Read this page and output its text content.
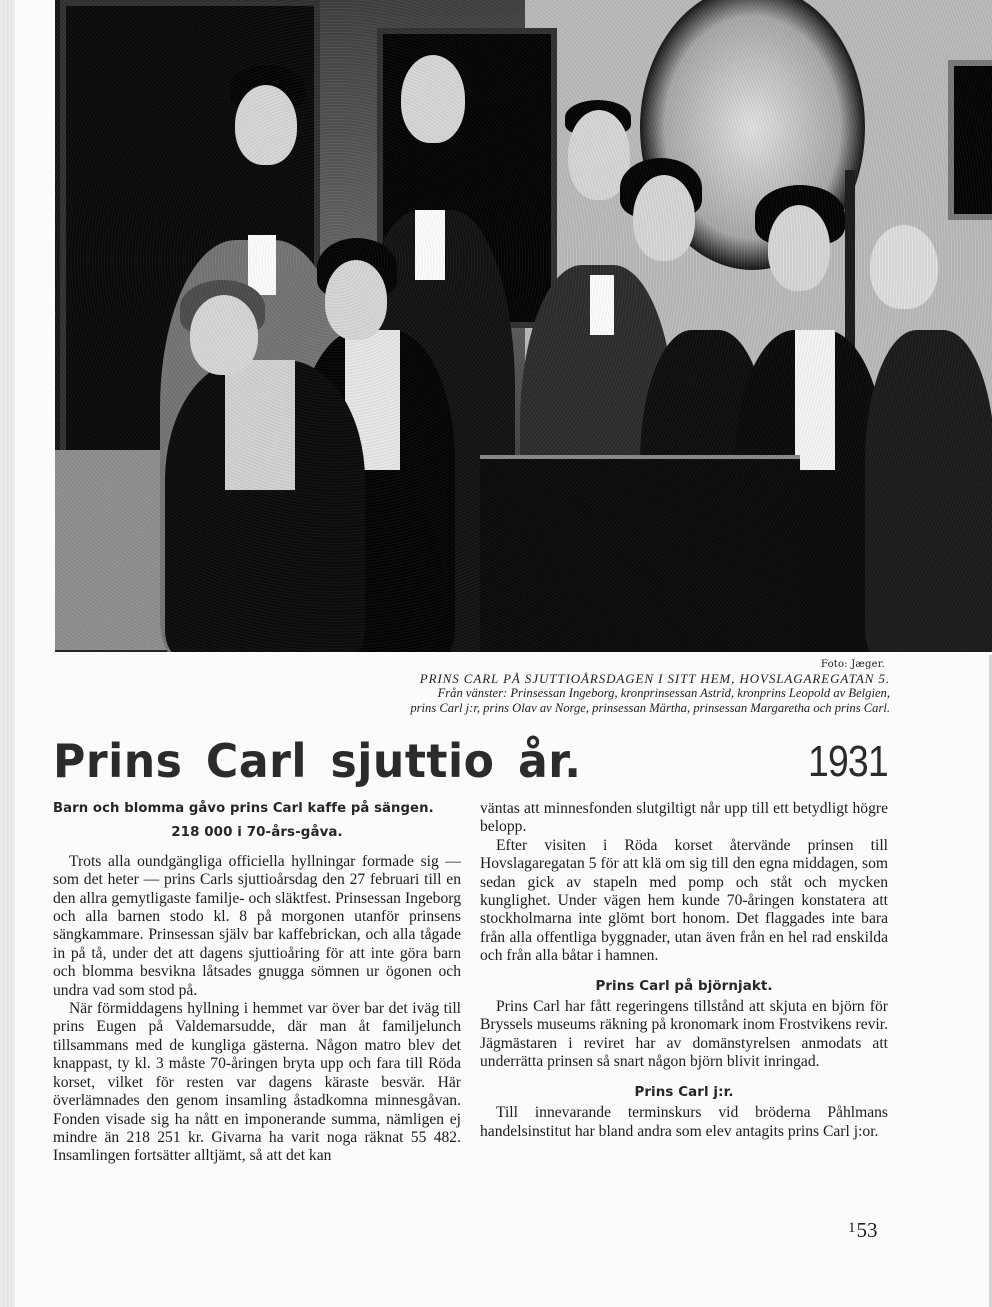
Foto: Jæger.
PRINS CARL PÅ SJUTTIOÅRSDAGEN I SITT HEM, HOVSLAGAREGATAN 5.
Från vänster: Prinsessan Ingeborg, kronprinsessan Astrid, kronprins Leopold av Belgien,
prins Carl j:r, prins Olav av Norge, prinsessan Märtha, prinsessan Margaretha och prins Carl.
Prins Carl sjuttio år.	1931
Barn och blomma gåvo prins Carl kaffe på sängen.
218 000 i 70-års-gåva.

Trots alla oundgängliga officiella hyllningar formade sig — som det heter — prins Carls sjuttioårsdag den 27 februari till en den allra gemytligaste familje- och släktfest. Prinsessan Ingeborg och alla barnen stodo kl. 8 på morgonen utanför prinsens sängkammare. Prinsessan själv bar kaffebrickan, och alla tågade in på tå, under det att dagens sjuttioåring för att inte göra barn och blomma besvikna låtsades gnugga sömnen ur ögonen och undra vad som stod på.

När förmiddagens hyllning i hemmet var över bar det iväg till prins Eugen på Valdemarsudde, där man åt familjelunch tillsammans med de kungliga gästerna. Någon matro blev det knappast, ty kl. 3 måste 70-åringen bryta upp och fara till Röda korset, vilket för resten var dagens käraste besvär. Här överlämnades den genom insamling åstadkomna minnesgåvan. Fonden visade sig ha nått en imponerande summa, nämligen ej mindre än 218 251 kr. Givarna ha varit noga räknat 55 482. Insamlingen fortsätter alltjämt, så att det kan

väntas att minnesfonden slutgiltigt når upp till ett betydligt högre belopp.

Efter visiten i Röda korset återvände prinsen till Hovslagaregatan 5 för att klä om sig till den egna middagen, som sedan gick av stapeln med pomp och ståt och mycken kunglighet. Under vägen hem kunde 70-åringen konstatera att stockholmarna inte glömt bort honom. Det flaggades inte bara från alla offentliga byggnader, utan även från en hel rad enskilda och från alla båtar i hamnen.

Prins Carl på björnjakt.

Prins Carl har fått regeringens tillstånd att skjuta en björn för Bryssels museums räkning på kronomark inom Frostvikens revir. Jägmästaren i reviret har av domänstyrelsen anmodats att underrätta prinsen så snart någon björn blivit inringad.

Prins Carl j:r.

Till innevarande terminskurs vid bröderna Påhlmans handelsinstitut har bland andra som elev antagits prins Carl j:or.

$^1$53
